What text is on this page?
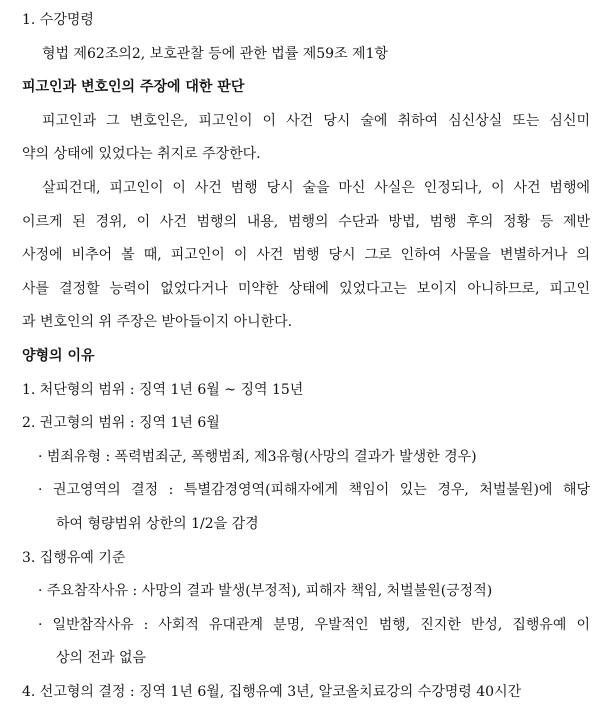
1. 수강명령
형법 제62조의2, 보호관찰 등에 관한 법률 제59조 제1항
피고인과 변호인의 주장에 대한 판단
피고인과 그 변호인은, 피고인이 이 사건 당시 술에 취하여 심신상실 또는 심신미
약의 상태에 있었다는 취지로 주장한다.
살피건대, 피고인이 이 사건 범행 당시 술을 마신 사실은 인정되나, 이 사건 범행에
이르게 된 경위, 이 사건 범행의 내용, 범행의 수단과 방법, 범행 후의 정황 등 제반
사정에 비추어 볼 때, 피고인이 이 사건 범행 당시 그로 인하여 사물을 변별하거나 의
사를 결정할 능력이 없었다거나 미약한 상태에 있었다고는 보이지 아니하므로, 피고인
과 변호인의 위 주장은 받아들이지 아니한다.
양형의 이유
1. 처단형의 범위 : 징역 1년 6월 ~ 징역 15년
2. 권고형의 범위 : 징역 1년 6월
· 범죄유형 : 폭력범죄군, 폭행범죄, 제3유형(사망의 결과가 발생한 경우)
· 권고영역의 결정 : 특별감경영역(피해자에게 책임이 있는 경우, 처벌불원)에 해당
하여 형량범위 상한의 1/2을 감경
3. 집행유예 기준
· 주요참작사유 : 사망의 결과 발생(부정적), 피해자 책임, 처벌불원(긍정적)
· 일반참작사유 : 사회적 유대관계 분명, 우발적인 범행, 진지한 반성, 집행유예 이
상의 전과 없음
4. 선고형의 결정 : 징역 1년 6월, 집행유예 3년, 알코올치료강의 수강명령 40시간
